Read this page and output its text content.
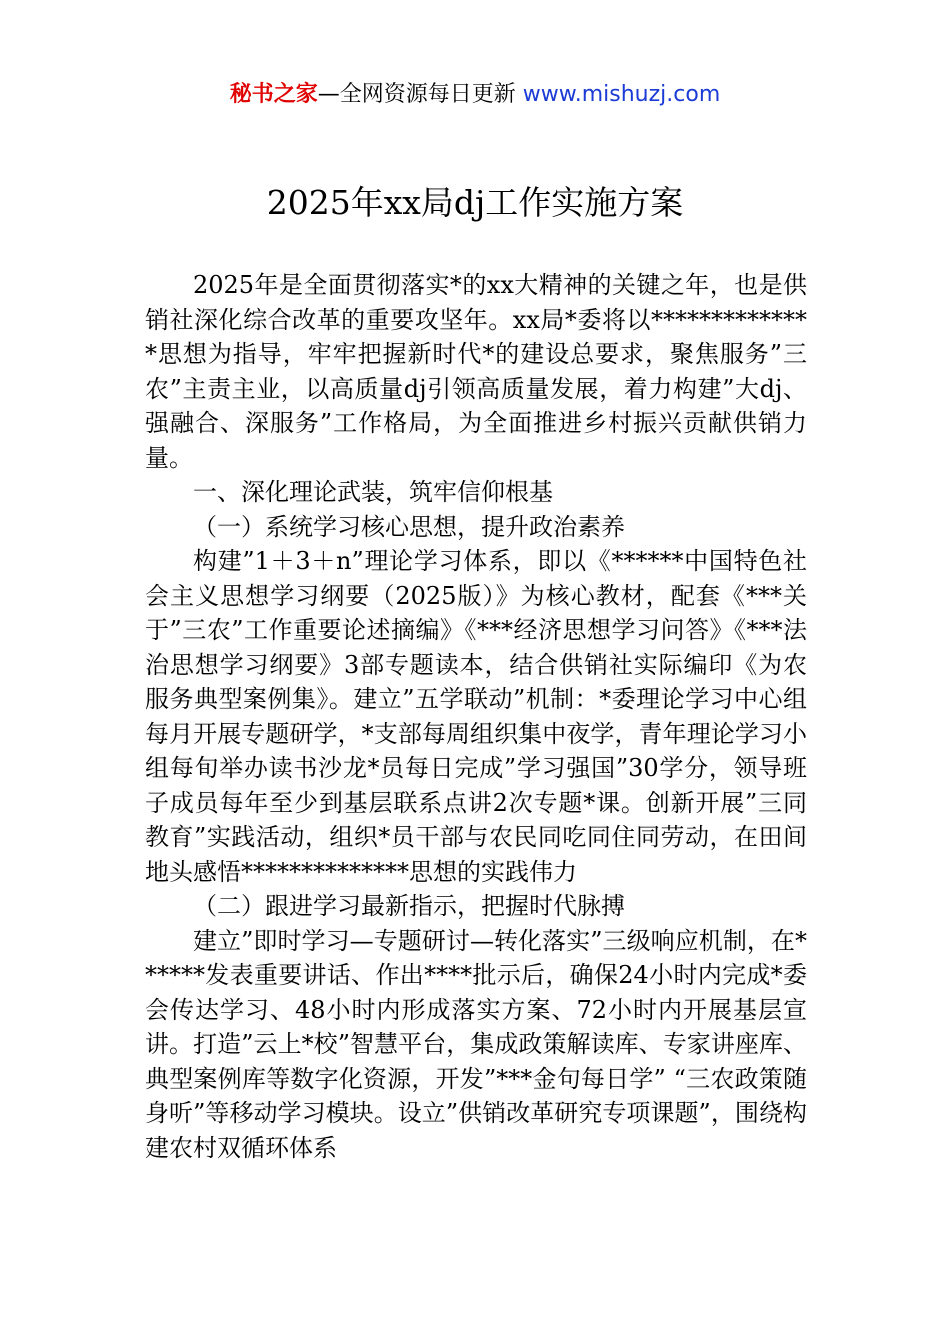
秘书之家—全网资源每日更新 www.mishuzj.com
2025年xx局dj工作实施方案

2025年是全面贯彻落实*的xx大精神的关键之年，也是供销社深化综合改革的重要攻坚年。xx局*委将以**************思想为指导，牢牢把握新时代*的建设总要求，聚焦服务”三农”主责主业，以高质量dj引领高质量发展，着力构建”大dj、强融合、深服务”工作格局，为全面推进乡村振兴贡献供销力量。

一、深化理论武装，筑牢信仰根基

（一）系统学习核心思想，提升政治素养

构建”1＋3＋n”理论学习体系，即以《******中国特色社会主义思想学习纲要（2025版）》为核心教材，配套《***关于”三农”工作重要论述摘编》《***经济思想学习问答》《***法治思想学习纲要》3部专题读本，结合供销社实际编印《为农服务典型案例集》。建立”五学联动”机制：*委理论学习中心组每月开展专题研学，*支部每周组织集中夜学，青年理论学习小组每旬举办读书沙龙*员每日完成”学习强国”30学分，领导班子成员每年至少到基层联系点讲2次专题*课。创新开展”三同教育”实践活动，组织*员干部与农民同吃同住同劳动，在田间地头感悟**************思想的实践伟力

（二）跟进学习最新指示，把握时代脉搏

建立”即时学习—专题研讨—转化落实”三级响应机制，在******发表重要讲话、作出****批示后，确保24小时内完成*委会传达学习、48小时内形成落实方案、72小时内开展基层宣讲。打造”云上*校”智慧平台，集成政策解读库、专家讲座库、典型案例库等数字化资源，开发”***金句每日学” “三农政策随身听”等移动学习模块。设立”供销改革研究专项课题”，围绕构建农村双循环体系
